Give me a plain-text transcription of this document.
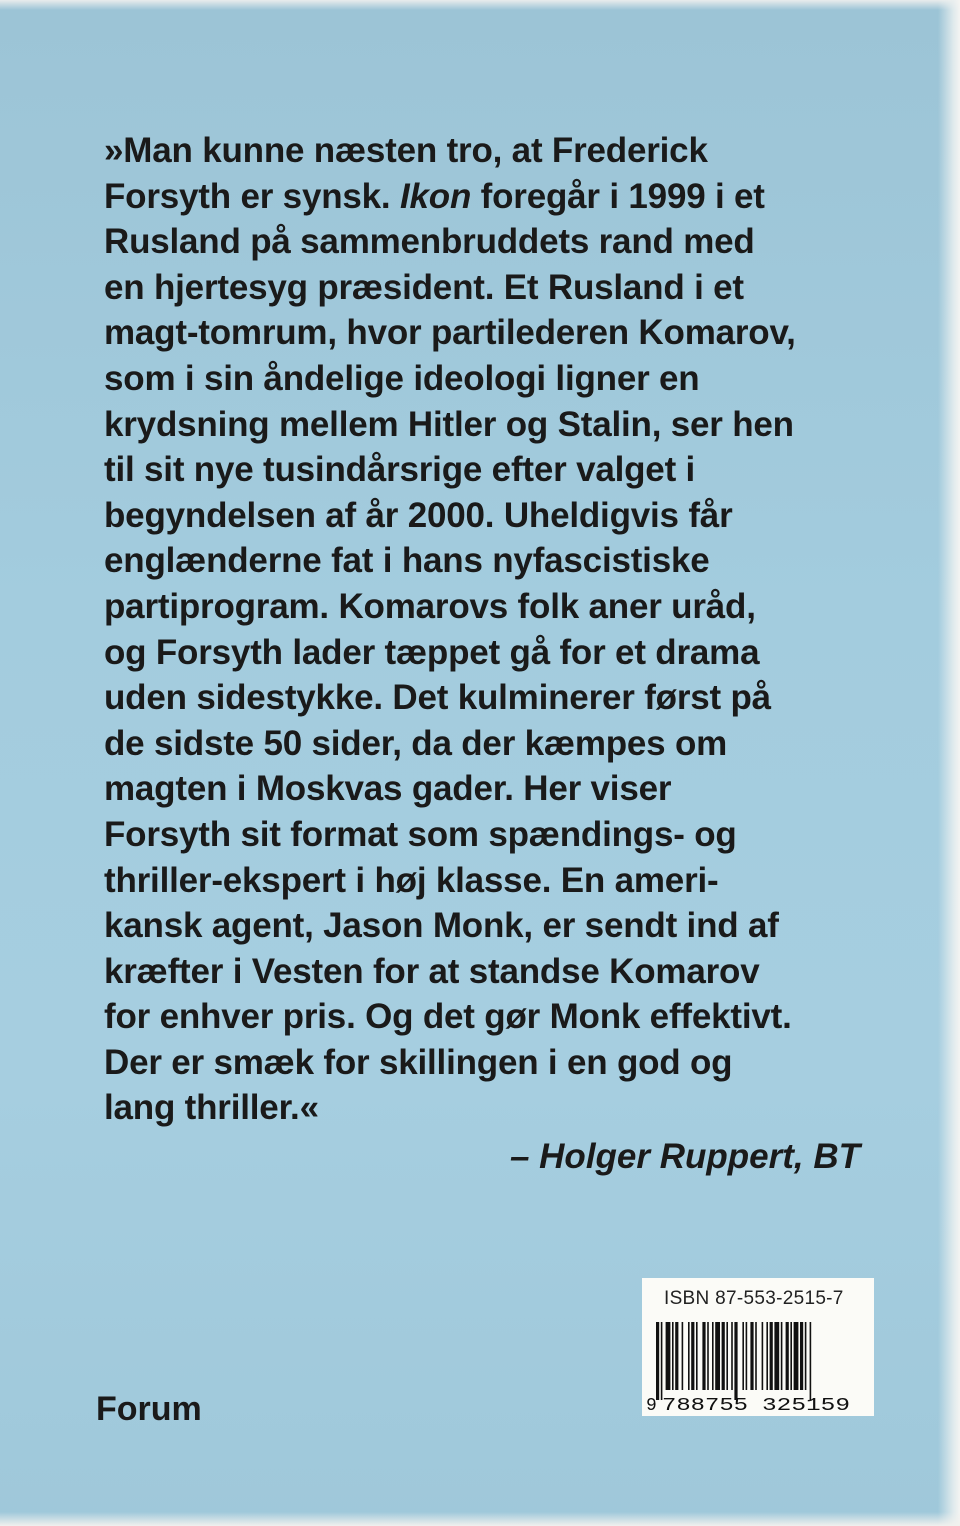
»Man kunne næsten tro, at Frederick
Forsyth er synsk. Ikon foregår i 1999 i et
Rusland på sammenbruddets rand med
en hjertesyg præsident. Et Rusland i et
magt-tomrum, hvor partilederen Komarov,
som i sin åndelige ideologi ligner en
krydsning mellem Hitler og Stalin, ser hen
til sit nye tusindårsrige efter valget i
begyndelsen af år 2000. Uheldigvis får
englænderne fat i hans nyfascistiske
partiprogram. Komarovs folk aner uråd,
og Forsyth lader tæppet gå for et drama
uden sidestykke. Det kulminerer først på
de sidste 50 sider, da der kæmpes om
magten i Moskvas gader. Her viser
Forsyth sit format som spændings- og
thriller-ekspert i høj klasse. En ameri-
kansk agent, Jason Monk, er sendt ind af
kræfter i Vesten for at standse Komarov
for enhver pris. Og det gør Monk effektivt.
Der er smæk for skillingen i en god og
lang thriller.«

– Holger Ruppert, BT
Forum
ISBN 87-553-2515-7
9 788755 325159
